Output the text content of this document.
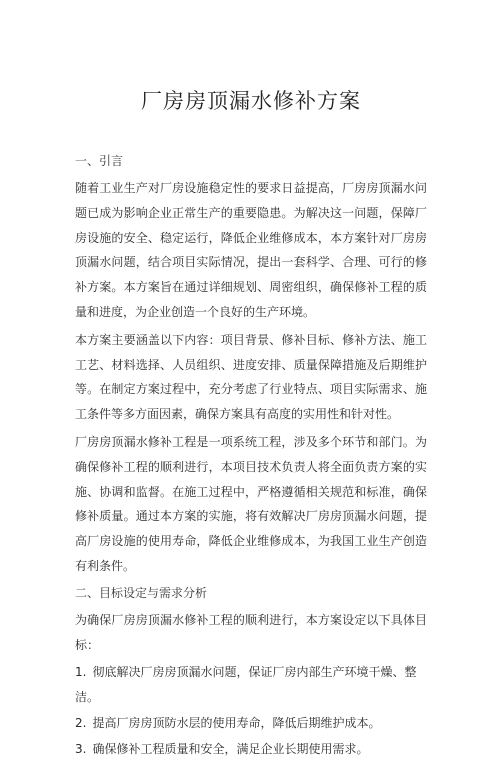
厂房房顶漏水修补方案
一、引言

随着工业生产对厂房设施稳定性的要求日益提高，厂房房顶漏水问题已成为影响企业正常生产的重要隐患。为解决这一问题，保障厂房设施的安全、稳定运行，降低企业维修成本，本方案针对厂房房顶漏水问题，结合项目实际情况，提出一套科学、合理、可行的修补方案。本方案旨在通过详细规划、周密组织，确保修补工程的质量和进度，为企业创造一个良好的生产环境。

本方案主要涵盖以下内容：项目背景、修补目标、修补方法、施工工艺、材料选择、人员组织、进度安排、质量保障措施及后期维护等。在制定方案过程中，充分考虑了行业特点、项目实际需求、施工条件等多方面因素，确保方案具有高度的实用性和针对性。

厂房房顶漏水修补工程是一项系统工程，涉及多个环节和部门。为确保修补工程的顺利进行，本项目技术负责人将全面负责方案的实施、协调和监督。在施工过程中，严格遵循相关规范和标准，确保修补质量。通过本方案的实施，将有效解决厂房房顶漏水问题，提高厂房设施的使用寿命，降低企业维修成本，为我国工业生产创造有利条件。

二、目标设定与需求分析

为确保厂房房顶漏水修补工程的顺利进行，本方案设定以下具体目标：

1. 彻底解决厂房房顶漏水问题，保证厂房内部生产环境干燥、整洁。
2. 提高厂房房顶防水层的使用寿命，降低后期维护成本。
3. 确保修补工程质量和安全，满足企业长期使用需求。
